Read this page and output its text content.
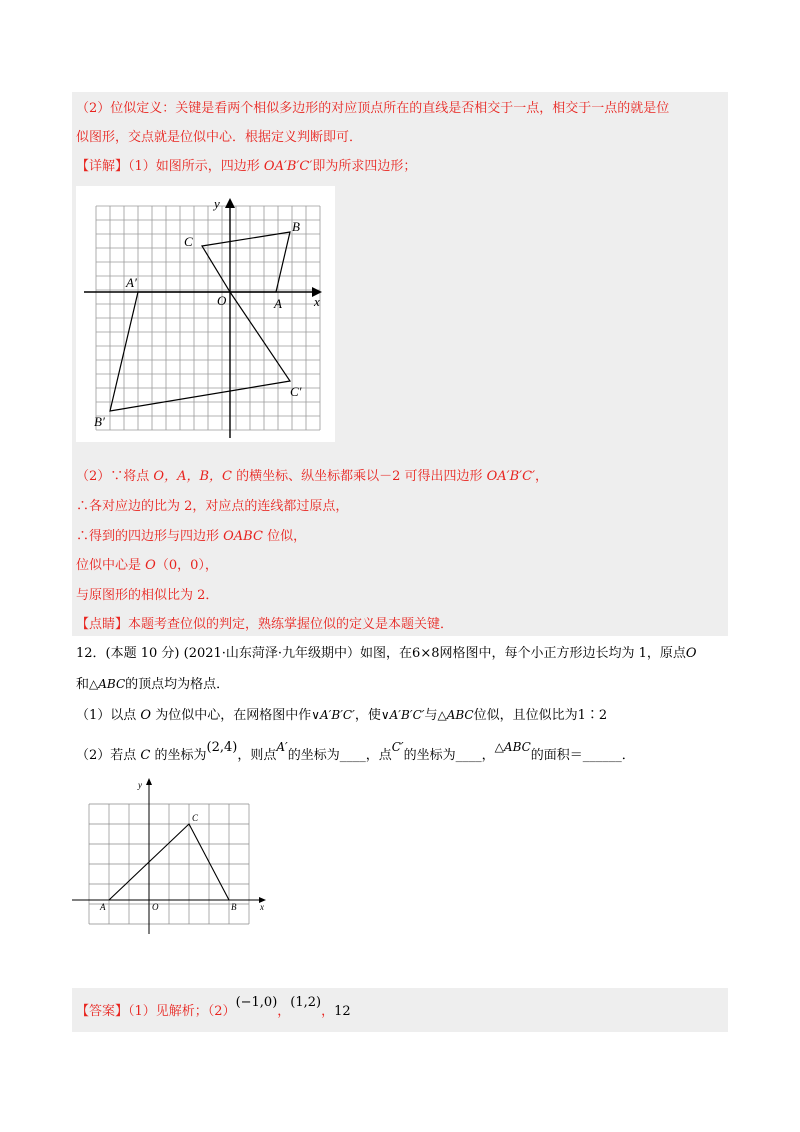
（2）位似定义：关键是看两个相似多边形的对应顶点所在的直线是否相交于一点，相交于一点的就是位
似图形，交点就是位似中心．根据定义判断即可．
【详解】（1）如图所示，四边形 OA′B′C′即为所求四边形；
y
x
C
B
A′
O	A
C′
B′
（2）∵将点 O，A，B，C 的横坐标、纵坐标都乘以－2 可得出四边形 OA′B′C′，
∴各对应边的比为 2，对应点的连线都过原点，
∴得到的四边形与四边形 OABC 位似，
位似中心是 O（0，0），
与原图形的相似比为 2．
【点睛】本题考查位似的判定，熟练掌握位似的定义是本题关键．
12．(本题 10 分) (2021·山东菏泽·九年级期中）如图，在6×8网格图中，每个小正方形边长均为 1，原点O
和△ABC的顶点均为格点．
（1）以点 O 为位似中心，在网格图中作∨A′B′C′，使∨A′B′C′与△ABC位似，且位似比为1∶2
（2）若点 C 的坐标为(2,4)，则点A′的坐标为____，点C′的坐标为____，△ABC的面积＝______．
y
x
C
A	O	B
【答案】（1）见解析；（2）(−1,0)，(1,2)，12
